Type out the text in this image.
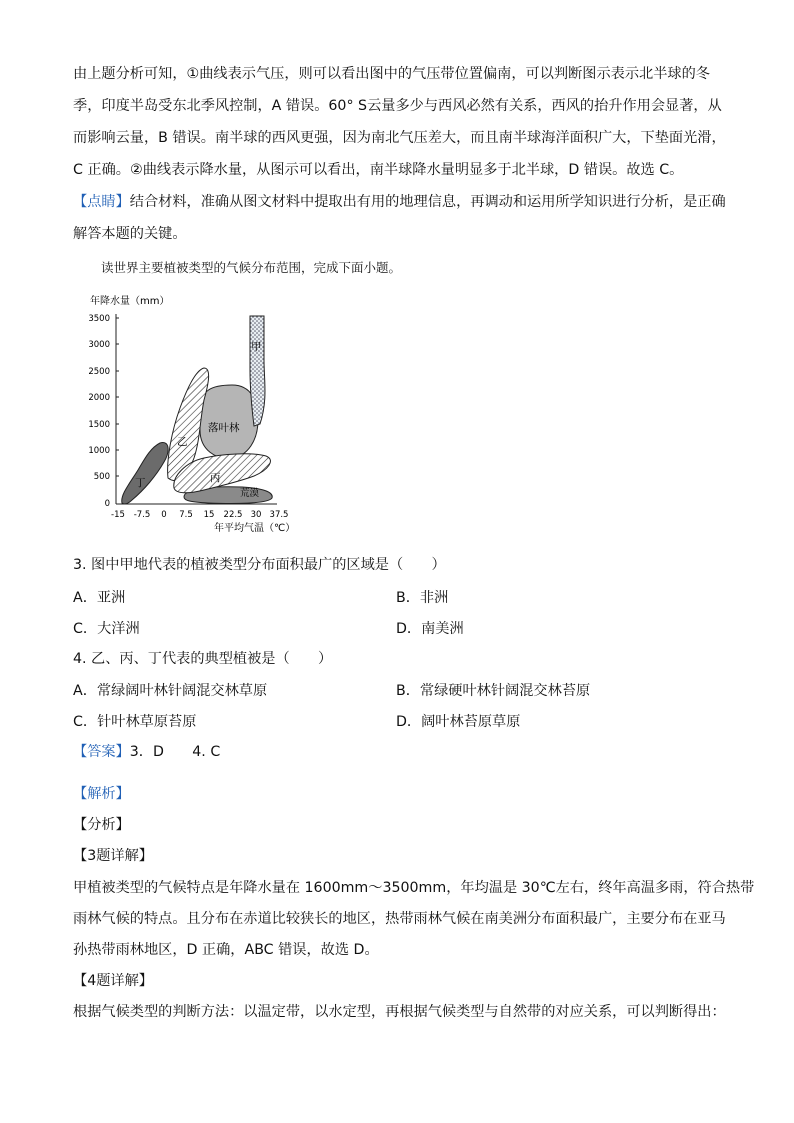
由上题分析可知，①曲线表示气压，则可以看出图中的气压带位置偏南，可以判断图示表示北半球的冬
季，印度半岛受东北季风控制，A 错误。60° S云量多少与西风必然有关系，西风的抬升作用会显著，从
而影响云量，B 错误。南半球的西风更强，因为南北气压差大，而且南半球海洋面积广大，下垫面光滑，
C 正确。②曲线表示降水量，从图示可以看出，南半球降水量明显多于北半球，D 错误。故选 C。
【点睛】结合材料，准确从图文材料中提取出有用的地理信息，再调动和运用所学知识进行分析，是正确
解答本题的关键。
读世界主要植被类型的气候分布范围，完成下面小题。
年降水量（mm）
3500
3000
2500
2000
1500
1000
500
0
-15 -7.5 0 7.5 15 22.5 30 37.5
年平均气温（℃）
甲
乙
落叶林
丙
丁
荒漠
3. 图中甲地代表的植被类型分布面积最广的区域是（　　）
A．亚洲	B．非洲
C．大洋洲	D．南美洲
4. 乙、丙、丁代表的典型植被是（　　）
A．常绿阔叶林针阔混交林草原	B．常绿硬叶林针阔混交林苔原
C．针叶林草原苔原	D．阔叶林苔原草原
【答案】3．D　　4. C
【解析】
【分析】
【3题详解】
甲植被类型的气候特点是年降水量在 1600mm～3500mm，年均温是 30℃左右，终年高温多雨，符合热带
雨林气候的特点。且分布在赤道比较狭长的地区，热带雨林气候在南美洲分布面积最广，主要分布在亚马
孙热带雨林地区，D 正确，ABC 错误，故选 D。
【4题详解】
根据气候类型的判断方法：以温定带，以水定型，再根据气候类型与自然带的对应关系，可以判断得出：
